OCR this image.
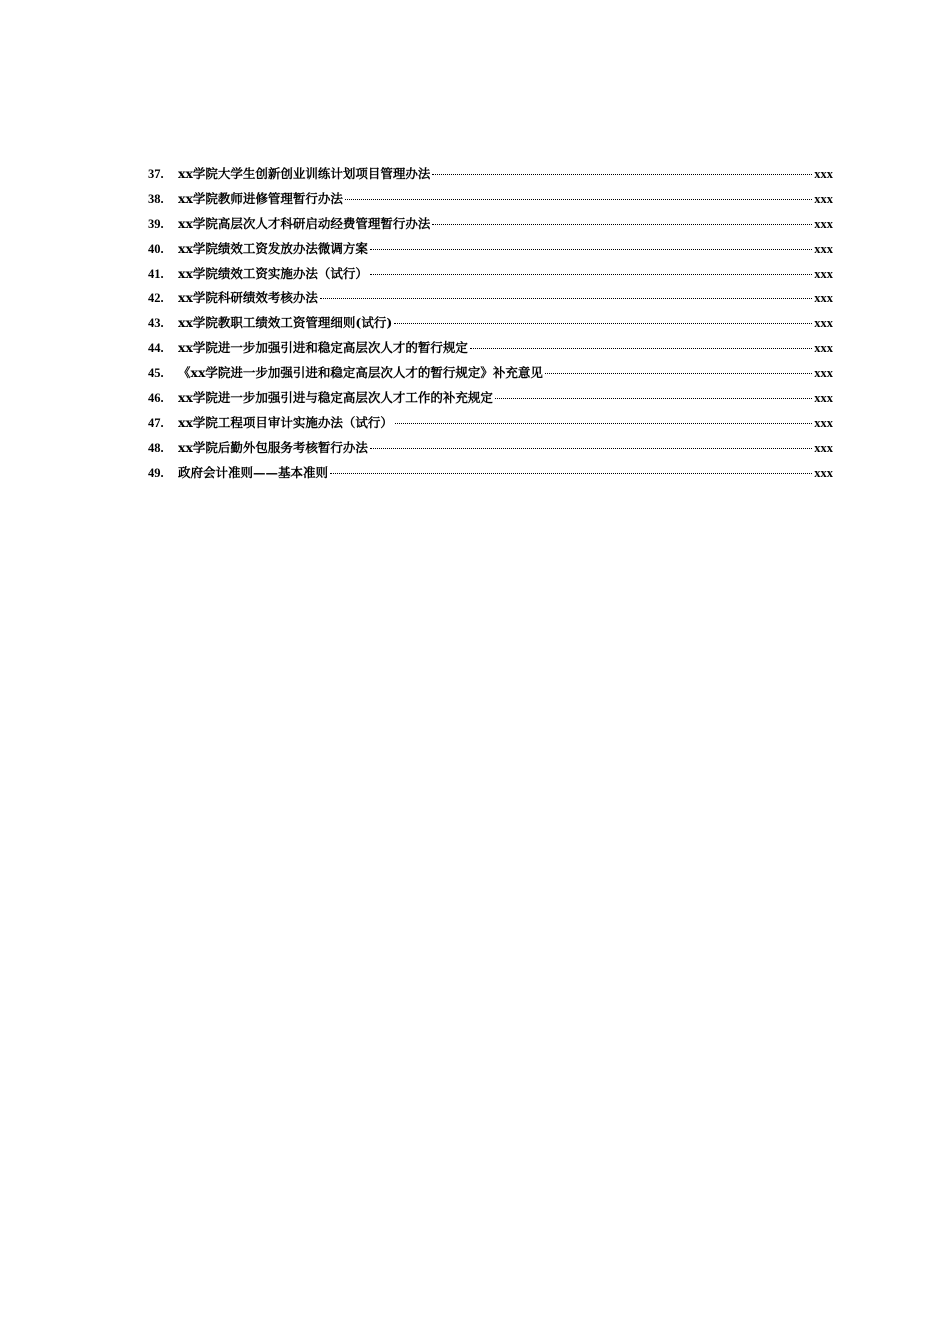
37.	xx学院大学生创新创业训练计划项目管理办法	xxx
38.	xx学院教师进修管理暂行办法	xxx
39.	xx学院高层次人才科研启动经费管理暂行办法	xxx
40.	xx学院绩效工资发放办法微调方案	xxx
41.	xx学院绩效工资实施办法（试行）	xxx
42.	xx学院科研绩效考核办法	xxx
43.	xx学院教职工绩效工资管理细则(试行)	xxx
44.	xx学院进一步加强引进和稳定高层次人才的暂行规定	xxx
45.	《xx学院进一步加强引进和稳定高层次人才的暂行规定》补充意见	xxx
46.	xx学院进一步加强引进与稳定高层次人才工作的补充规定	xxx
47.	xx学院工程项目审计实施办法（试行）	xxx
48.	xx学院后勤外包服务考核暂行办法	xxx
49.	政府会计准则——基本准则	xxx
